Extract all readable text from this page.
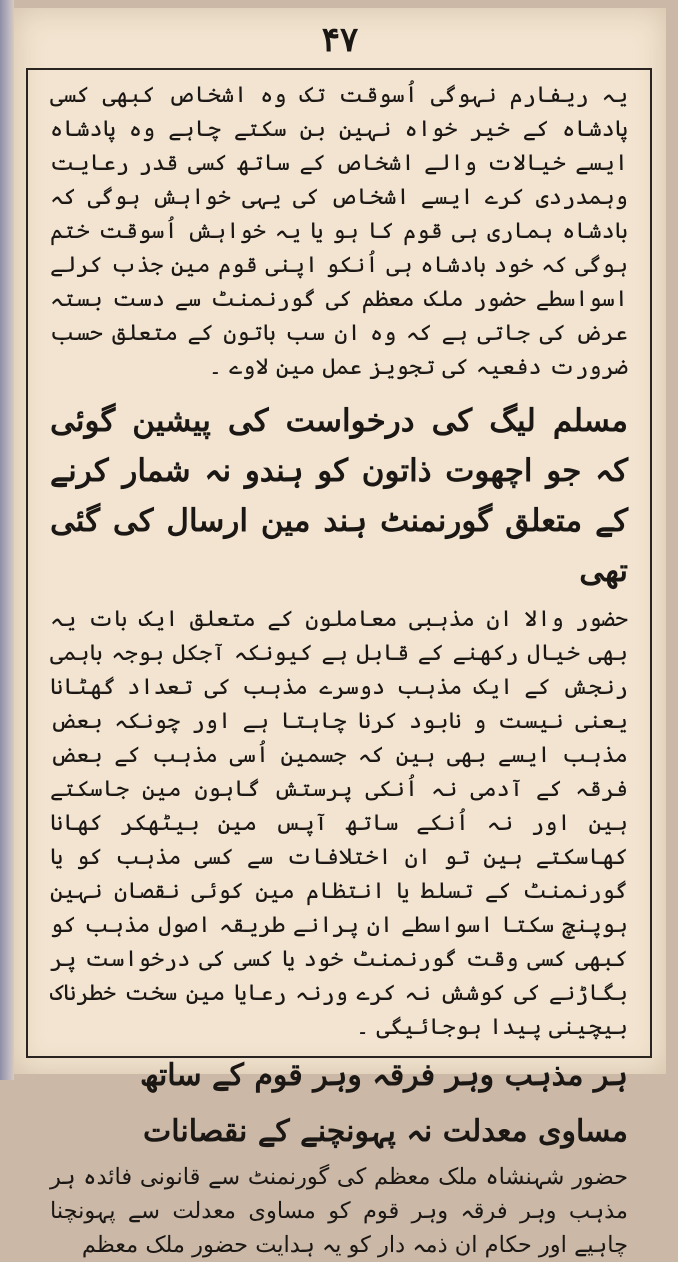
۴۷

یہ ریفارم نہوگی اُسوقت تک وہ اشخاص کبھی کسی پادشاہ کے خیر خواہ نہین بن سکتے چاہے وہ پادشاہ ایسے خیالات والے اشخاص کے ساتھ کسی قدر رعایت وہمدردی کرے ایسے اشخاص کی یہی خواہش ہوگی کہ بادشاہ ہماری ہی قوم کا ہو یا یہ خواہش اُسوقت ختم ہوگی کہ خود بادشاہ ہی اُنکو اپنی قوم مین جذب کرلے اسواسطے حضور ملک معظم کی گورنمنٹ سے دست بستہ عرض کی جاتی ہے کہ وہ ان سب باتون کے متعلق حسب ضرورت دفعیہ کی تجویز عمل مین لاوے ۔

مسلم لیگ کی درخواست کی پیشین گوئی کہ جو اچھوت ذاتون کو ہندو نہ شمار کرنے کے متعلق گورنمنٹ ہند مین ارسال کی گئی تھی

حضور والا ان مذہبی معاملون کے متعلق ایک بات یہ بھی خیال رکھنے کے قابل ہے کیونکہ آجکل بوجہ باہمی رنجش کے ایک مذہب دوسرے مذہب کی تعداد گھٹانا یعنی نیست و نابود کرنا چاہتا ہے اور چونکہ بعض مذہب ایسے بھی ہین کہ جسمین اُسی مذہب کے بعض فرقہ کے آدمی نہ اُنکی پرستش گاہون مین جاسکتے ہین اور نہ اُنکے ساتھ آپس مین بیٹھکر کھانا کھاسکتے ہین تو ان اختلافات سے کسی مذہب کو یا گورنمنٹ کے تسلط یا انتظام مین کوئی نقصان نہین ہوپنچ سکتا اسواسطے ان پرانے طریقہ اصول مذہب کو کبھی کسی وقت گورنمنٹ خود یا کسی کی درخواست پر بگاڑنے کی کوشش نہ کرے ورنہ رعایا مین سخت خطرناک بیچینی پیدا ہوجائیگی ۔

ہر مذہب وہر فرقہ وہر قوم کے ساتھ مساوی معدلت نہ پہونچنے کے نقصانات

حضور شہنشاہ ملک معظم کی گورنمنٹ سے قانونی فائدہ ہر مذہب وہر فرقہ وہر قوم کو مساوی معدلت سے پہونچنا چاہیے اور حکام ان ذمہ دار کو یہ ہدایت حضور ملک معظم
